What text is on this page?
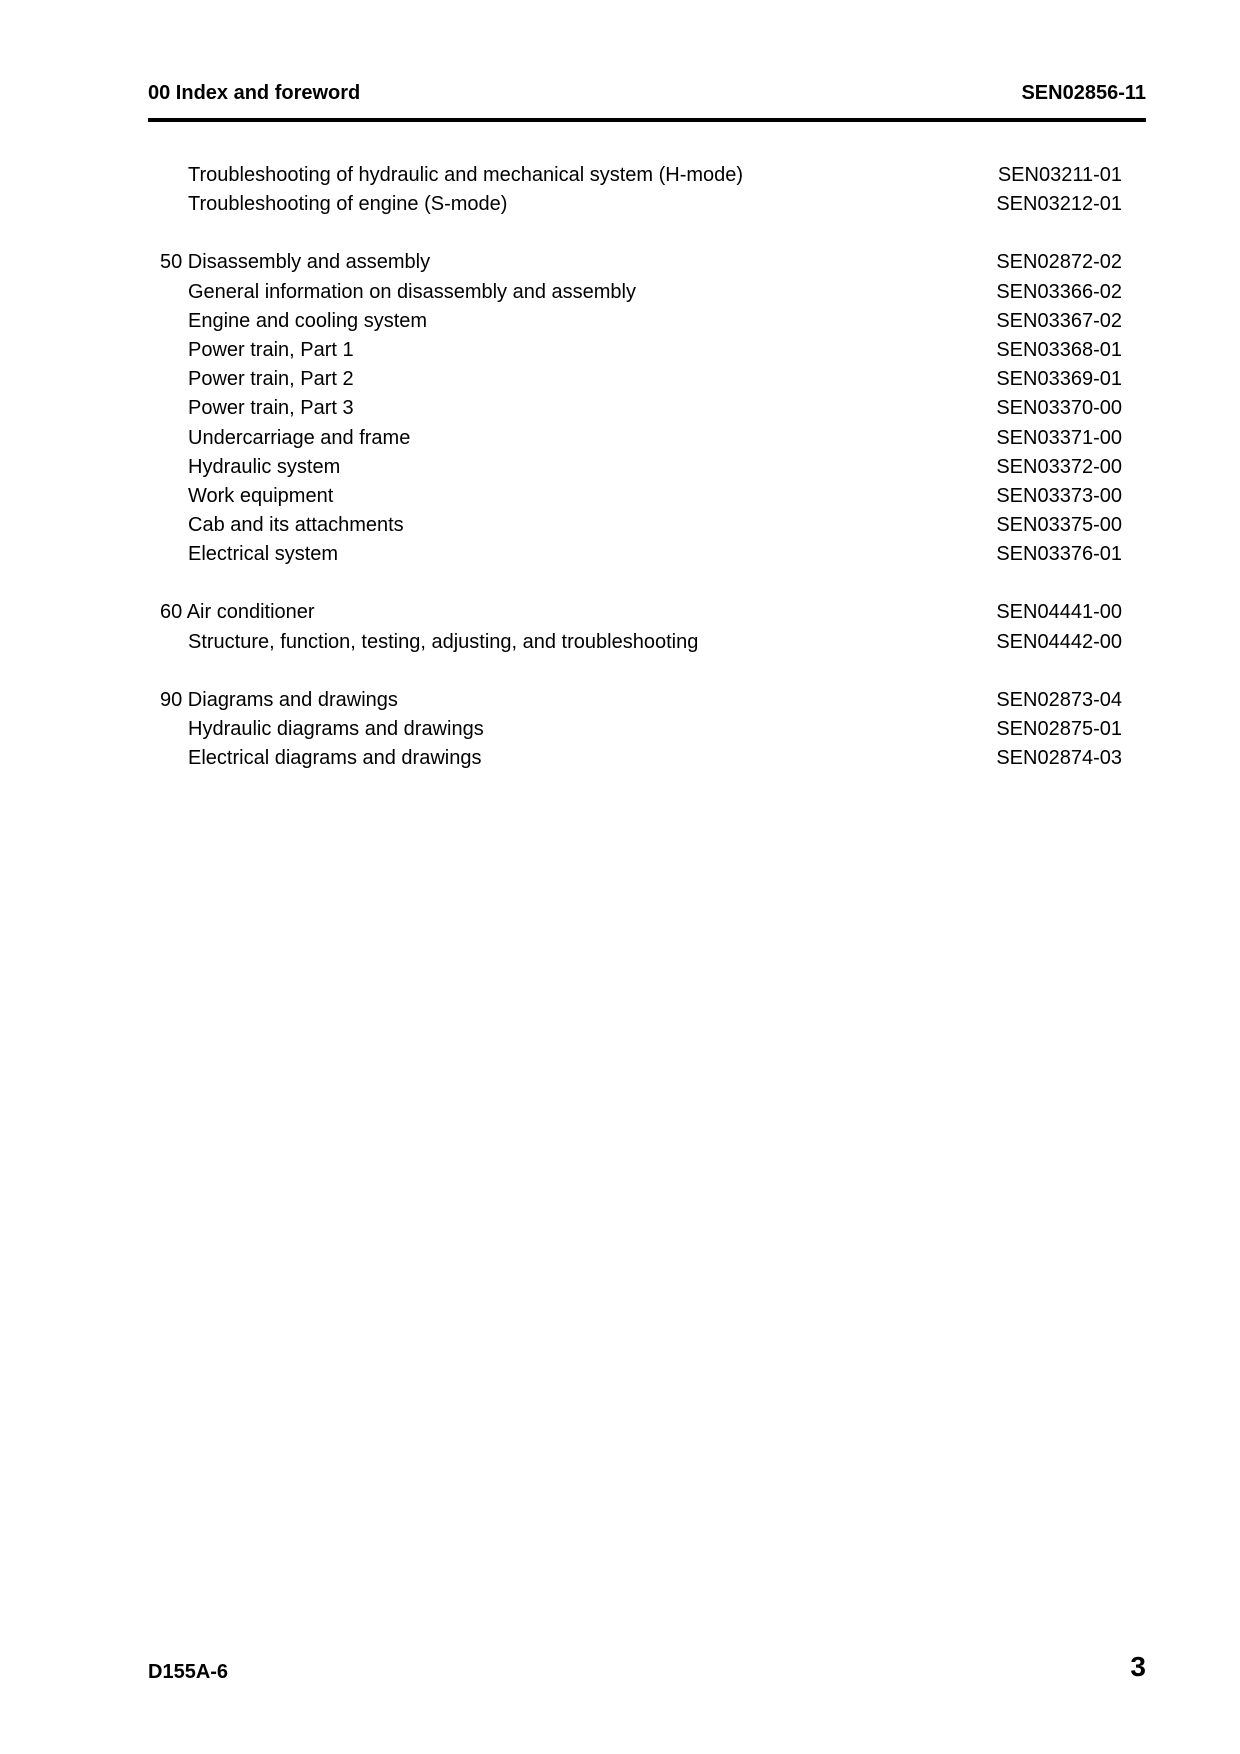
00 Index and foreword	SEN02856-11
Troubleshooting of hydraulic and mechanical system (H-mode)	SEN03211-01
Troubleshooting of engine (S-mode)	SEN03212-01
50 Disassembly and assembly	SEN02872-02
General information on disassembly and assembly	SEN03366-02
Engine and cooling system	SEN03367-02
Power train, Part 1	SEN03368-01
Power train, Part 2	SEN03369-01
Power train, Part 3	SEN03370-00
Undercarriage and frame	SEN03371-00
Hydraulic system	SEN03372-00
Work equipment	SEN03373-00
Cab and its attachments	SEN03375-00
Electrical system	SEN03376-01
60 Air conditioner	SEN04441-00
Structure, function, testing, adjusting, and troubleshooting	SEN04442-00
90 Diagrams and drawings	SEN02873-04
Hydraulic diagrams and drawings	SEN02875-01
Electrical diagrams and drawings	SEN02874-03
D155A-6	3
